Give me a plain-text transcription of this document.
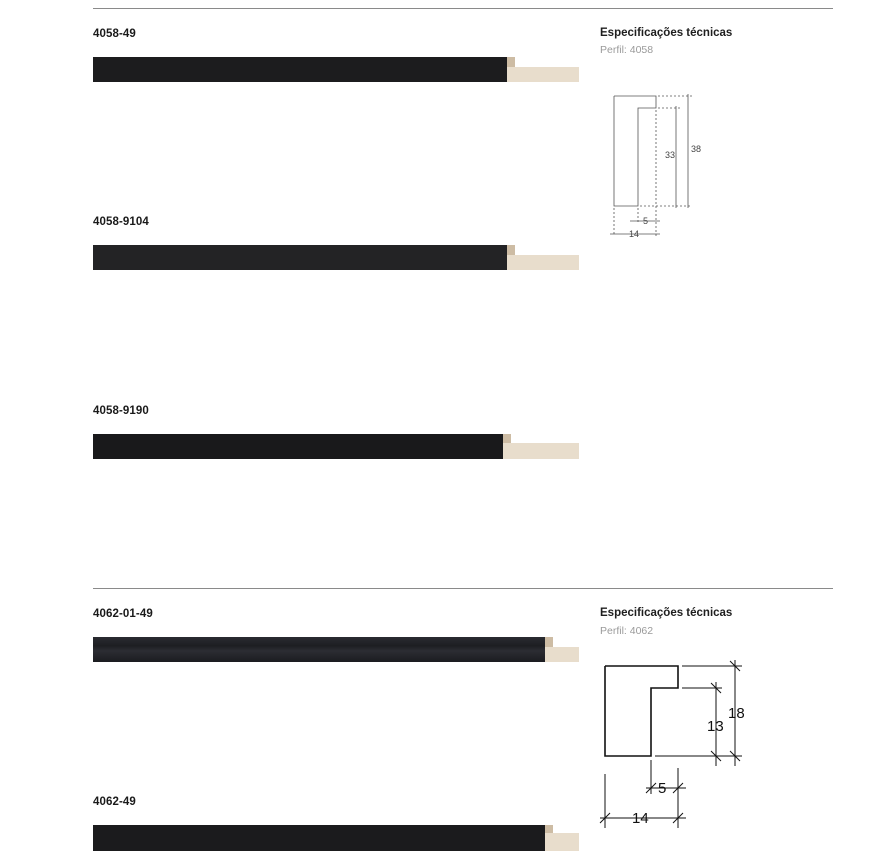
4058-49
4058-9104
4058-9190
Especificações técnicas
Perfil: 4058
38
33
5
14
4062-01-49
4062-49
Especificações técnicas
Perfil: 4062
18
13
5
14
